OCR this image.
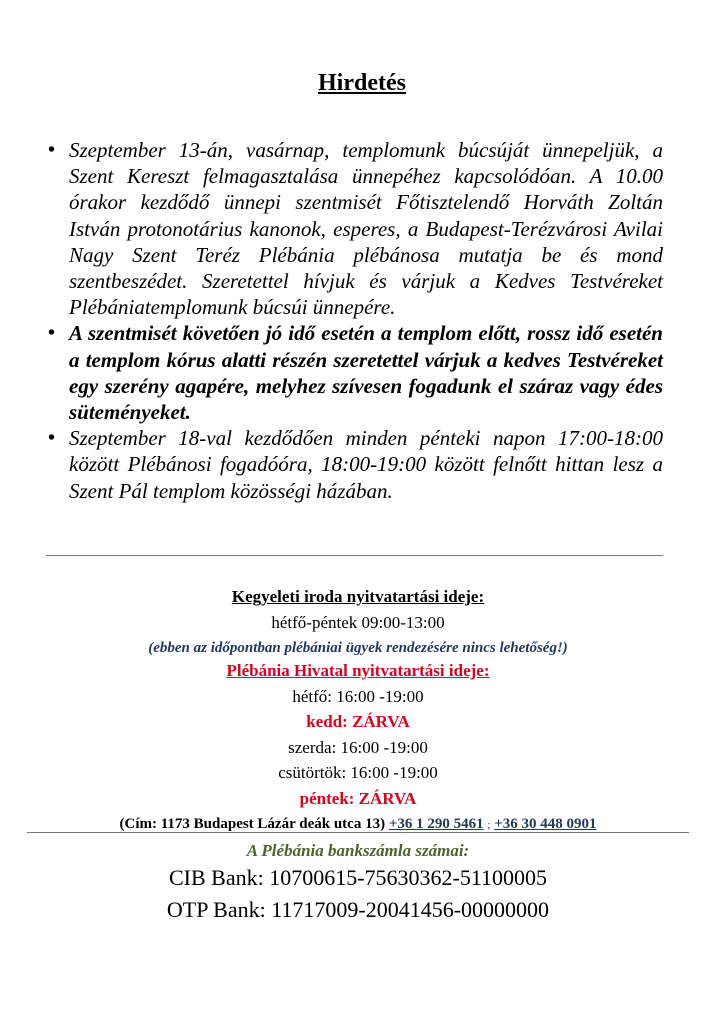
Hirdetés
• Szeptember 13-án, vasárnap, templomunk búcsúját ünnepeljük, a Szent Kereszt felmagasztalása ünnepéhez kapcsolódóan. A 10.00 órakor kezdődő ünnepi szentmisét Főtisztelendő Horváth Zoltán István protonotárius kanonok, esperes, a Budapest-Terézvárosi Avilai Nagy Szent Teréz Plébánia plébánosa mutatja be és mond szentbeszédet. Szeretettel hívjuk és várjuk a Kedves Testvéreket Plébániatemplomunk búcsúi ünnepére.
• A szentmisét követően jó idő esetén a templom előtt, rossz idő esetén a templom kórus alatti részén szeretettel várjuk a kedves Testvéreket egy szerény agapére, melyhez szívesen fogadunk el száraz vagy édes süteményeket.
• Szeptember 18-val kezdődően minden pénteki napon 17:00-18:00 között Plébánosi fogadóóra, 18:00-19:00 között felnőtt hittan lesz a Szent Pál templom közösségi házában.
Kegyeleti iroda nyitvatartási ideje:
hétfő-péntek 09:00-13:00
(ebben az időpontban plébániai ügyek rendezésére nincs lehetőség!)
Plébánia Hivatal nyitvatartási ideje:
hétfő: 16:00 -19:00
kedd: ZÁRVA
szerda: 16:00 -19:00
csütörtök: 16:00 -19:00
péntek: ZÁRVA
(Cím: 1173 Budapest Lázár deák utca 13) +36 1 290 5461 ; +36 30 448 0901
A Plébánia bankszámla számai:
CIB Bank: 10700615-75630362-51100005
OTP Bank: 11717009-20041456-00000000
